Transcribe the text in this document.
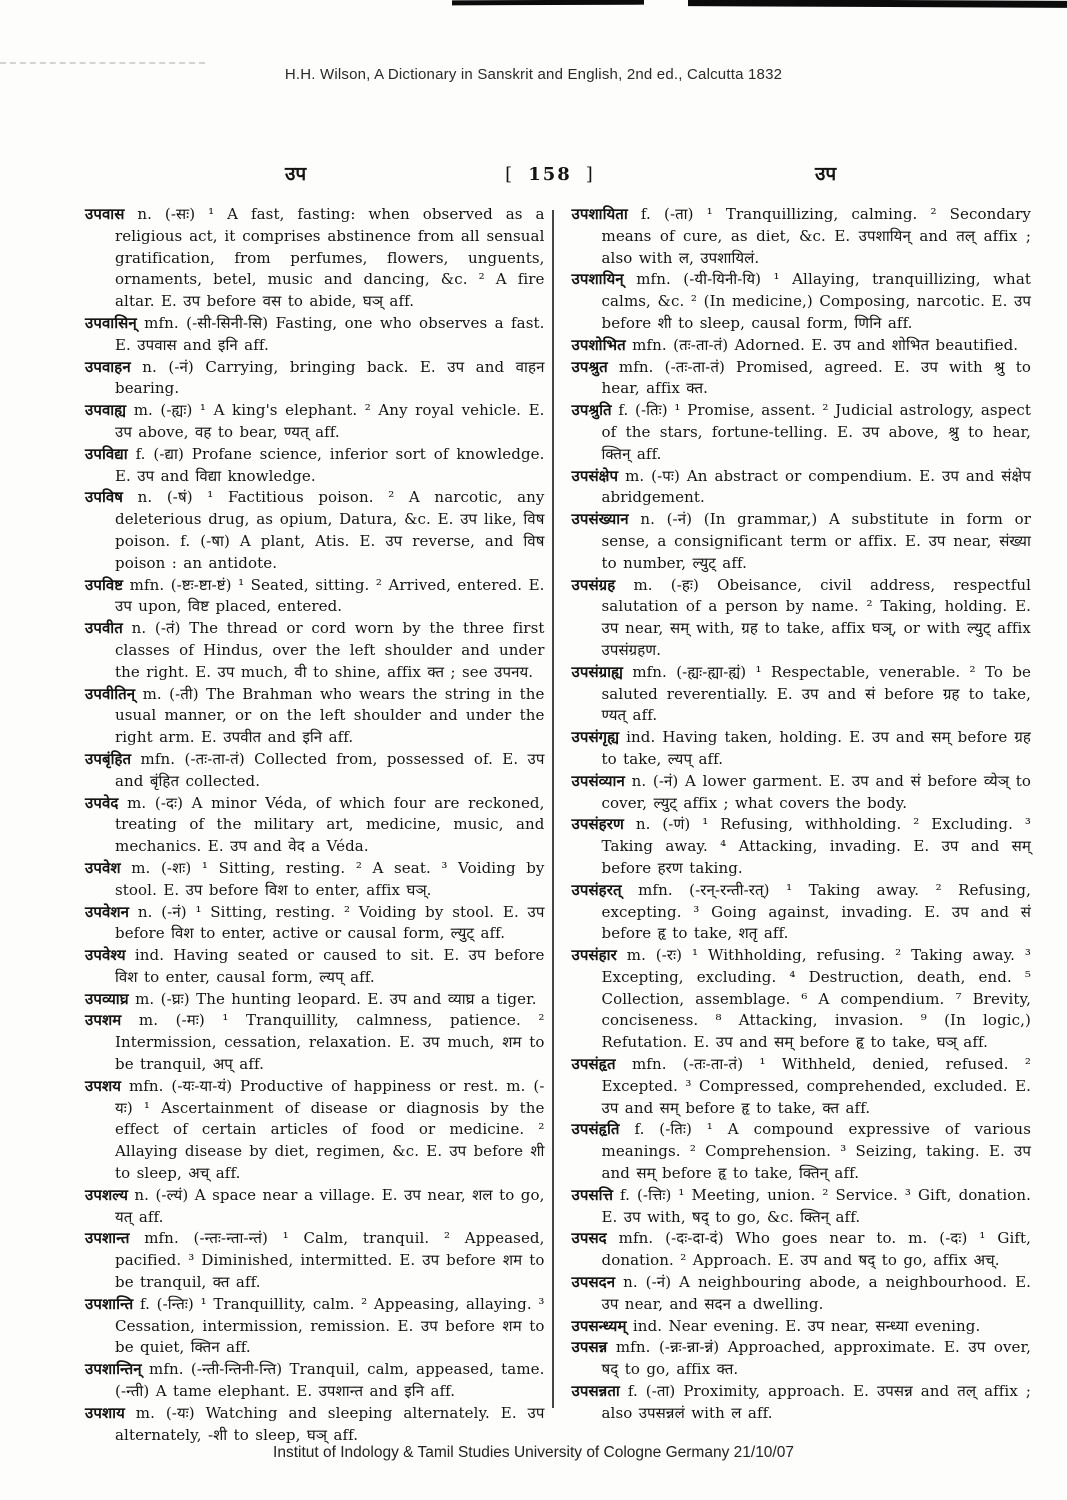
H.H. Wilson, A Dictionary in Sanskrit and English, 2nd ed., Calcutta 1832
उप	[ 158 ]	उप
उपवास n. (-सः) ¹ A fast, fasting: when observed as a religious act, it comprises abstinence from all sensual gratification, from perfumes, flowers, unguents, ornaments, betel, music and dancing, &c. ² A fire altar. E. उप before वस to abide, घञ् aff.
उपवासिन् mfn. (-सी-सिनी-सि) Fasting, one who observes a fast. E. उपवास and इनि aff.
उपवाहन n. (-नं) Carrying, bringing back. E. उप and वाहन bearing.
उपवाह्य m. (-ह्यः) ¹ A king's elephant. ² Any royal vehicle. E. उप above, वह to bear, ण्यत् aff.
उपविद्या f. (-द्या) Profane science, inferior sort of knowledge. E. उप and विद्या knowledge.
उपविष n. (-षं) ¹ Factitious poison. ² A narcotic, any deleterious drug, as opium, Datura, &c. E. उप like, विष poison. f. (-षा) A plant, Atis. E. उप reverse, and विष poison : an antidote.
उपविष्ट mfn. (-ष्टः-ष्टा-ष्टं) ¹ Seated, sitting. ² Arrived, entered. E. उप upon, विष्ट placed, entered.
उपवीत n. (-तं) The thread or cord worn by the three first classes of Hindus, over the left shoulder and under the right. E. उप much, वी to shine, affix क्त ; see उपनय.
उपवीतिन् m. (-ती) The Brahman who wears the string in the usual manner, or on the left shoulder and under the right arm. E. उपवीत and इनि aff.
उपबृंहित mfn. (-तः-ता-तं) Collected from, possessed of. E. उप and बृंहित collected.
उपवेद m. (-दः) A minor Véda, of which four are reckoned, treating of the military art, medicine, music, and mechanics. E. उप and वेद a Véda.
उपवेश m. (-शः) ¹ Sitting, resting. ² A seat. ³ Voiding by stool. E. उप before विश to enter, affix घञ्.
उपवेशन n. (-नं) ¹ Sitting, resting. ² Voiding by stool. E. उप before विश to enter, active or causal form, ल्युट् aff.
उपवेश्य ind. Having seated or caused to sit. E. उप before विश to enter, causal form, ल्यप् aff.
उपव्याघ्र m. (-घ्रः) The hunting leopard. E. उप and व्याघ्र a tiger.
उपशम m. (-मः) ¹ Tranquillity, calmness, patience. ² Intermission, cessation, relaxation. E. उप much, शम to be tranquil, अप् aff.
उपशय mfn. (-यः-या-यं) Productive of happiness or rest. m. (-यः) ¹ Ascertainment of disease or diagnosis by the effect of certain articles of food or medicine. ² Allaying disease by diet, regimen, &c. E. उप before शी to sleep, अच् aff.
उपशल्य n. (-ल्यं) A space near a village. E. उप near, शल to go, यत् aff.
उपशान्त mfn. (-न्तः-न्ता-न्तं) ¹ Calm, tranquil. ² Appeased, pacified. ³ Diminished, intermitted. E. उप before शम to be tranquil, क्त aff.
उपशान्ति f. (-न्तिः) ¹ Tranquillity, calm. ² Appeasing, allaying. ³ Cessation, intermission, remission. E. उप before शम to be quiet, क्तिन aff.
उपशान्तिन् mfn. (-न्ती-न्तिनी-न्ति) Tranquil, calm, appeased, tame. (-न्ती) A tame elephant. E. उपशान्त and इनि aff.
उपशाय m. (-यः) Watching and sleeping alternately. E. उप alternately, -शी to sleep, घञ् aff.
उपशायिता f. (-ता) ¹ Tranquillizing, calming. ² Secondary means of cure, as diet, &c. E. उपशायिन् and तल् affix ; also with ल, उपशायिलं.
उपशायिन् mfn. (-यी-यिनी-यि) ¹ Allaying, tranquillizing, what calms, &c. ² (In medicine,) Composing, narcotic. E. उप before शी to sleep, causal form, णिनि aff.
उपशोभित mfn. (तः-ता-तं) Adorned. E. उप and शोभित beautified.
उपश्रुत mfn. (-तः-ता-तं) Promised, agreed. E. उप with श्रु to hear, affix क्त.
उपश्रुति f. (-तिः) ¹ Promise, assent. ² Judicial astrology, aspect of the stars, fortune-telling. E. उप above, श्रु to hear, क्तिन् aff.
उपसंक्षेप m. (-पः) An abstract or compendium. E. उप and संक्षेप abridgement.
उपसंख्यान n. (-नं) (In grammar,) A substitute in form or sense, a consignificant term or affix. E. उप near, संख्या to number, ल्युट् aff.
उपसंग्रह m. (-हः) Obeisance, civil address, respectful salutation of a person by name. ² Taking, holding. E. उप near, सम् with, ग्रह to take, affix घञ्, or with ल्युट् affix उपसंग्रहण.
उपसंग्राह्य mfn. (-ह्यः-ह्या-ह्यं) ¹ Respectable, venerable. ² To be saluted reverentially. E. उप and सं before ग्रह to take, ण्यत् aff.
उपसंगृह्य ind. Having taken, holding. E. उप and सम् before ग्रह to take, ल्यप् aff.
उपसंव्यान n. (-नं) A lower garment. E. उप and सं before व्येञ् to cover, ल्युट् affix ; what covers the body.
उपसंहरण n. (-णं) ¹ Refusing, withholding. ² Excluding. ³ Taking away. ⁴ Attacking, invading. E. उप and सम् before हरण taking.
उपसंहरत् mfn. (-रन्-रन्ती-रत्) ¹ Taking away. ² Refusing, excepting. ³ Going against, invading. E. उप and सं before हृ to take, शतृ aff.
उपसंहार m. (-रः) ¹ Withholding, refusing. ² Taking away. ³ Excepting, excluding. ⁴ Destruction, death, end. ⁵ Collection, assemblage. ⁶ A compendium. ⁷ Brevity, conciseness. ⁸ Attacking, invasion. ⁹ (In logic,) Refutation. E. उप and सम् before हृ to take, घञ् aff.
उपसंहृत mfn. (-तः-ता-तं) ¹ Withheld, denied, refused. ² Excepted. ³ Compressed, comprehended, excluded. E. उप and सम् before हृ to take, क्त aff.
उपसंहृति f. (-तिः) ¹ A compound expressive of various meanings. ² Comprehension. ³ Seizing, taking. E. उप and सम् before हृ to take, क्तिन् aff.
उपसत्ति f. (-त्तिः) ¹ Meeting, union. ² Service. ³ Gift, donation. E. उप with, षद् to go, &c. क्तिन् aff.
उपसद mfn. (-दः-दा-दं) Who goes near to. m. (-दः) ¹ Gift, donation. ² Approach. E. उप and षद् to go, affix अच्.
उपसदन n. (-नं) A neighbouring abode, a neighbourhood. E. उप near, and सदन a dwelling.
उपसन्ध्यम् ind. Near evening. E. उप near, सन्ध्या evening.
उपसन्न mfn. (-न्नः-न्ना-न्नं) Approached, approximate. E. उप over, षद् to go, affix क्त.
उपसन्नता f. (-ता) Proximity, approach. E. उपसन्न and तल् affix ; also उपसन्नलं with ल aff.
Institut of Indology & Tamil Studies University of Cologne Germany 21/10/07
